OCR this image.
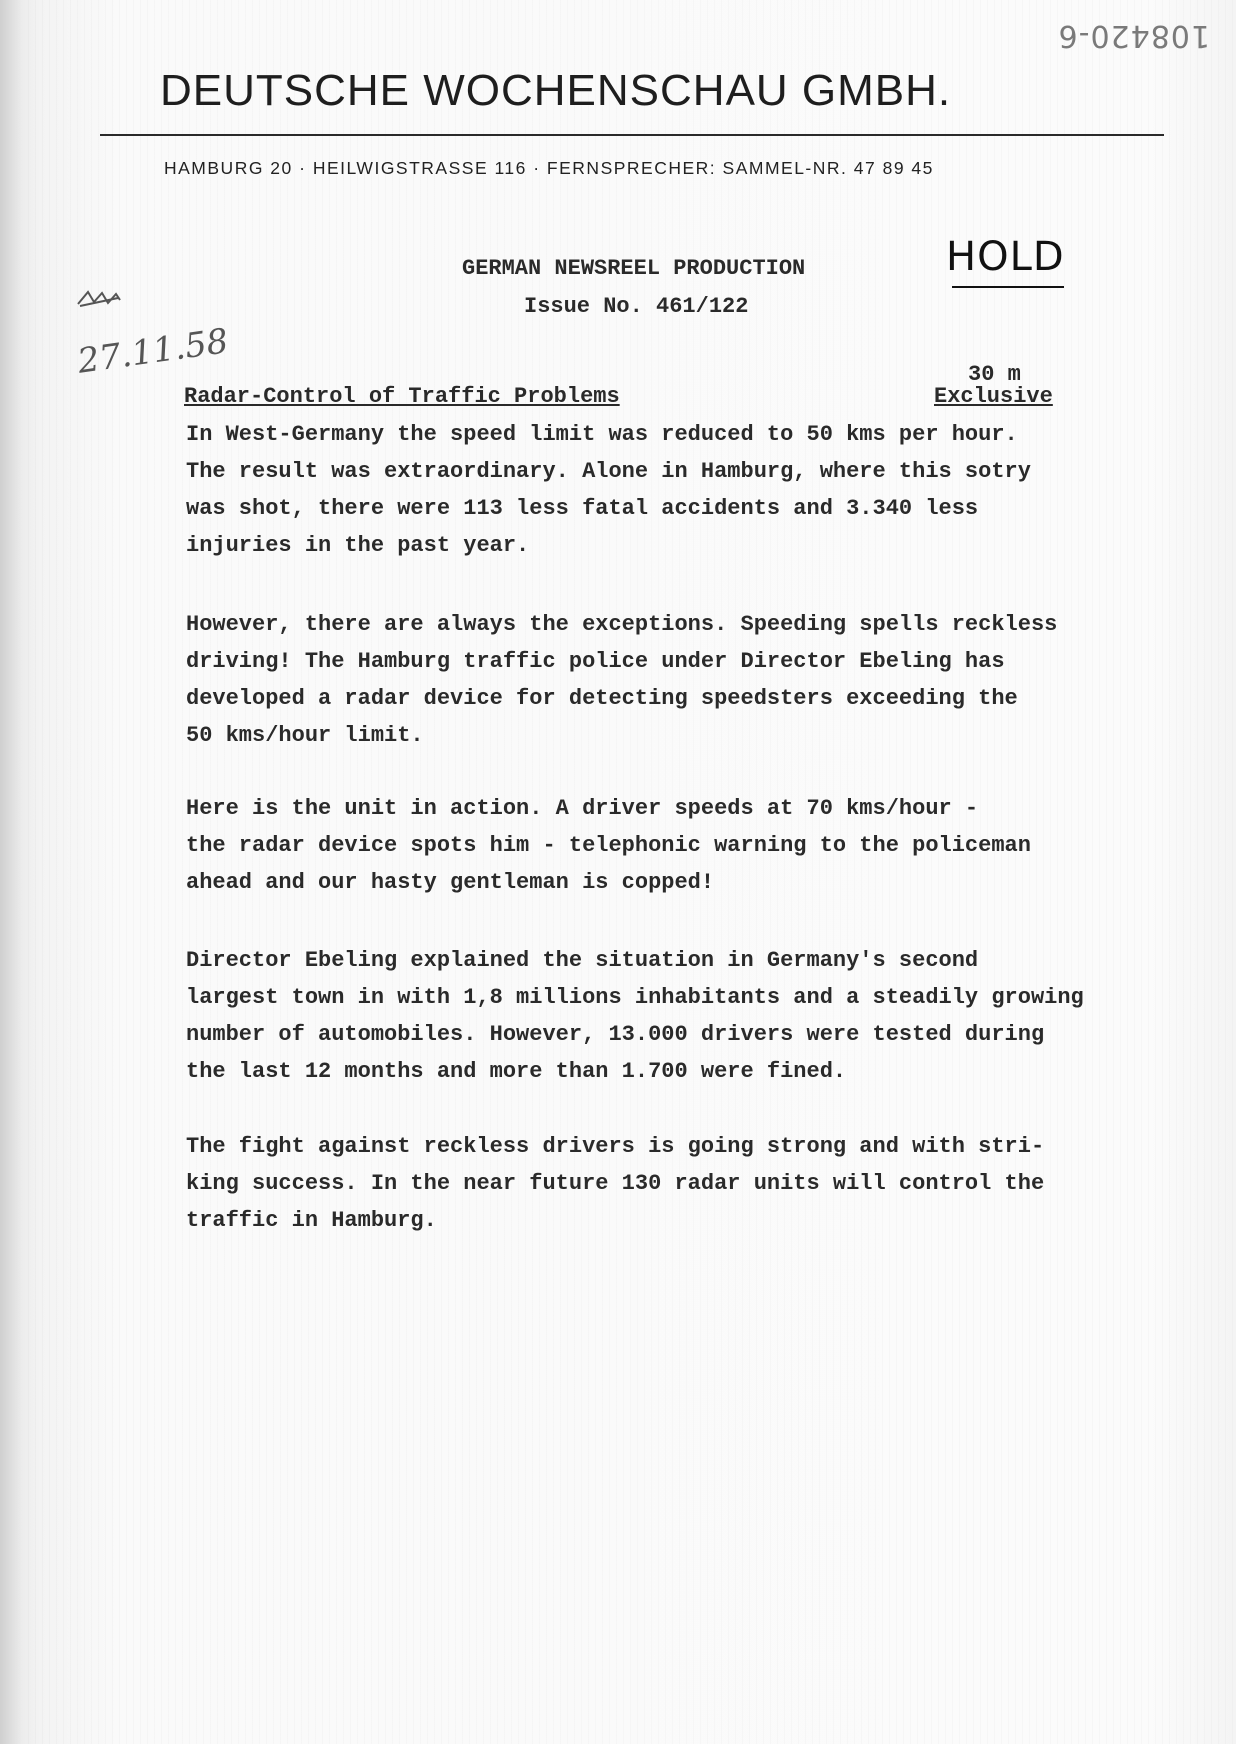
108420-6
DEUTSCHE WOCHENSCHAU GMBH.
HAMBURG 20 · HEILWIGSTRASSE 116 · FERNSPRECHER: SAMMEL-NR. 47 89 45
GERMAN NEWSREEL PRODUCTION
Issue No. 461/122
HOLD
27.11.58	30 m
Exclusive
Radar-Control of Traffic Problems
In West-Germany the speed limit was reduced to 50 kms per hour.
The result was extraordinary. Alone in Hamburg, where this sotry
was shot, there were 113 less fatal accidents and 3.340 less
injuries in the past year.
However, there are always the exceptions. Speeding spells reckless
driving! The Hamburg traffic police under Director Ebeling has
developed a radar device for detecting speedsters exceeding the
50 kms/hour limit.
Here is the unit in action. A driver speeds at 70 kms/hour -
the radar device spots him - telephonic warning to the policeman
ahead and our hasty gentleman is copped!
Director Ebeling explained the situation in Germany's second
largest town in with 1,8 millions inhabitants and a steadily growing
number of automobiles. However, 13.000 drivers were tested during
the last 12 months and more than 1.700 were fined.
The fight against reckless drivers is going strong and with stri-
king success. In the near future 130 radar units will control the
traffic in Hamburg.
